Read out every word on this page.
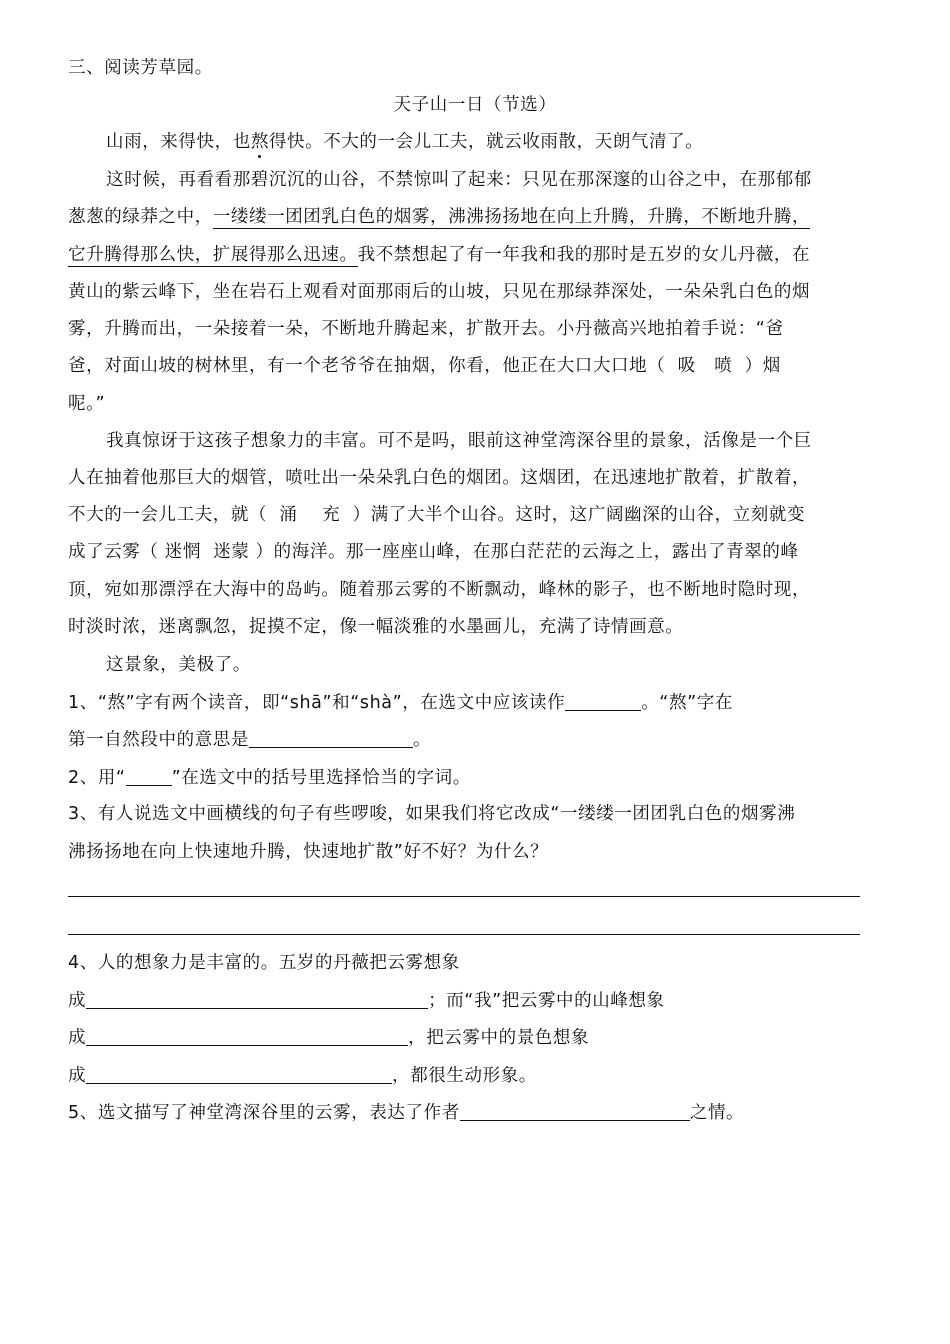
三、阅读芳草园。
天子山一日（节选）
山雨，来得快，也熬得快。不大的一会儿工夫，就云收雨散，天朗气清了。
这时候，再看看那碧沉沉的山谷，不禁惊叫了起来：只见在那深邃的山谷之中，在那郁郁
葱葱的绿莽之中，一缕缕一团团乳白色的烟雾，沸沸扬扬地在向上升腾，升腾，不断地升腾，
它升腾得那么快，扩展得那么迅速。我不禁想起了有一年我和我的那时是五岁的女儿丹薇，在
黄山的紫云峰下，坐在岩石上观看对面那雨后的山坡，只见在那绿莽深处，一朵朵乳白色的烟
雾，升腾而出，一朵接着一朵，不断地升腾起来，扩散开去。小丹薇高兴地拍着手说：“爸
爸，对面山坡的树林里，有一个老爷爷在抽烟，你看，他正在大口大口地（  吸   喷  ）烟
呢。”
我真惊讶于这孩子想象力的丰富。可不是吗，眼前这神堂湾深谷里的景象，活像是一个巨
人在抽着他那巨大的烟管，喷吐出一朵朵乳白色的烟团。这烟团，在迅速地扩散着，扩散着，
不大的一会儿工夫，就（  涌    充  ）满了大半个山谷。这时，这广阔幽深的山谷，立刻就变
成了云雾（ 迷惘  迷蒙 ）的海洋。那一座座山峰，在那白茫茫的云海之上，露出了青翠的峰
顶，宛如那漂浮在大海中的岛屿。随着那云雾的不断飘动，峰林的影子，也不断地时隐时现，
时淡时浓，迷离飘忽，捉摸不定，像一幅淡雅的水墨画儿，充满了诗情画意。
这景象，美极了。
1、“熬”字有两个读音，即“shā”和“shà”，在选文中应该读作	。“熬”字在
第一自然段中的意思是	。
2、用“	”在选文中的括号里选择恰当的字词。
3、有人说选文中画横线的句子有些啰唆，如果我们将它改成“一缕缕一团团乳白色的烟雾沸
沸扬扬地在向上快速地升腾，快速地扩散”好不好？为什么？
4、人的想象力是丰富的。五岁的丹薇把云雾想象
成	；而“我”把云雾中的山峰想象
成	，把云雾中的景色想象
成	，都很生动形象。
5、选文描写了神堂湾深谷里的云雾，表达了作者	之情。
